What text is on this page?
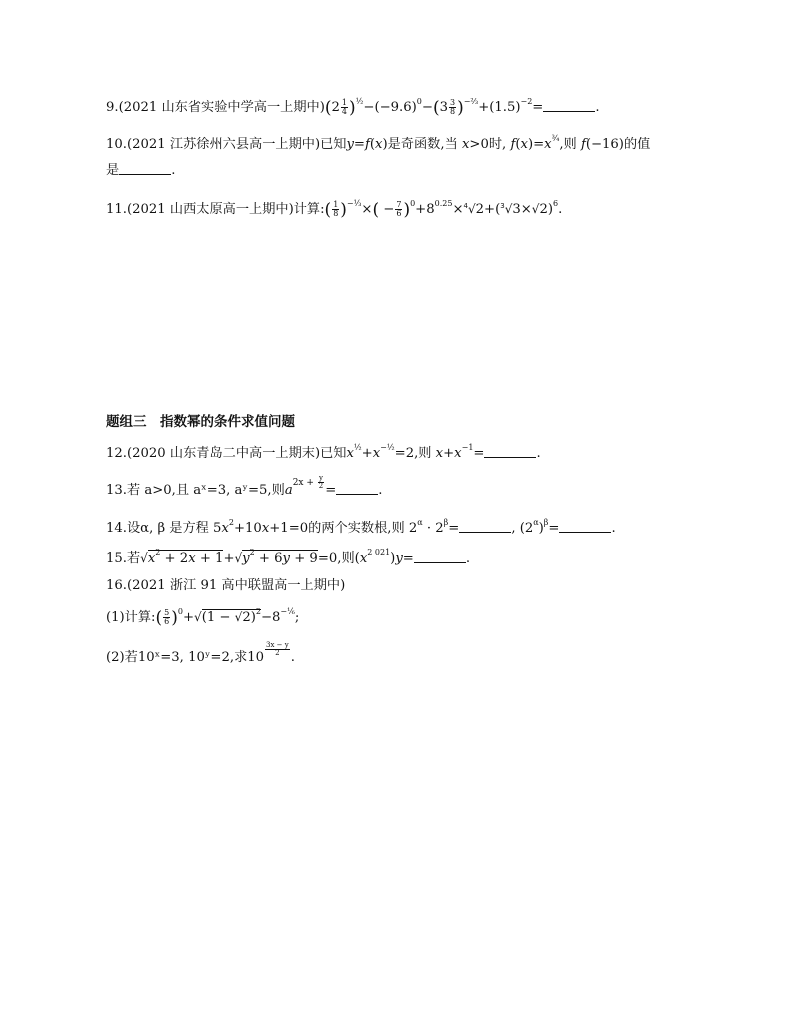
9.(2021 山东省实验中学高一上期中)$(2 \frac{1}{4} )^{\frac{1}{2}}-(-9.6)^0-(3 \frac{3}{8} )^{-\frac{2}{3}}+(1.5)^{-2}=$	.
10.(2021 江苏徐州六县高一上期中)已知y=f(x)是奇函数,当 x>0时, $f(x)=x^{\frac{3}{4}}$,则 f(−16)的值
是	.
11.(2021 山西太原高一上期中)计算:( $\frac{1}{8} )^{-\frac{1}{3}}\times( - \frac{7}{6} )^0+8^{0.25}\times^4√2+(^3√3\times√2)^6$.
题组三　指数幂的条件求值问题
12.(2020 山东青岛二中高一上期末)已知$x^{\frac{1}{2}}+x^{-\frac{1}{2}}=2$,则 $x+x^{-1}=$	.
13.若 a>0,且 aˣ=3, aʸ=5,则$a^{2x + \frac{y}{2}}$
=	.
14.设α, β 是方程 $5x^2+10x+1=0$的两个实数根,则 $2^\alpha \cdot 2^\beta=$	, $(2^\alpha)^\beta=$	.
15.若$√x^2 + 2x + 1+√y^2 + 6y + 9=0$,则$(x^{2 021})y=$	.
16.(2021 浙江 91 高中联盟高一上期中)
(1)计算:( $\frac{5}{6} )^0+√(1 - √2)^2-8^{-\frac{1}{6}}$;
(2)若10ˣ=3, 10ʸ=2,求10
$^{\frac{3x - y}{2}}$
.
